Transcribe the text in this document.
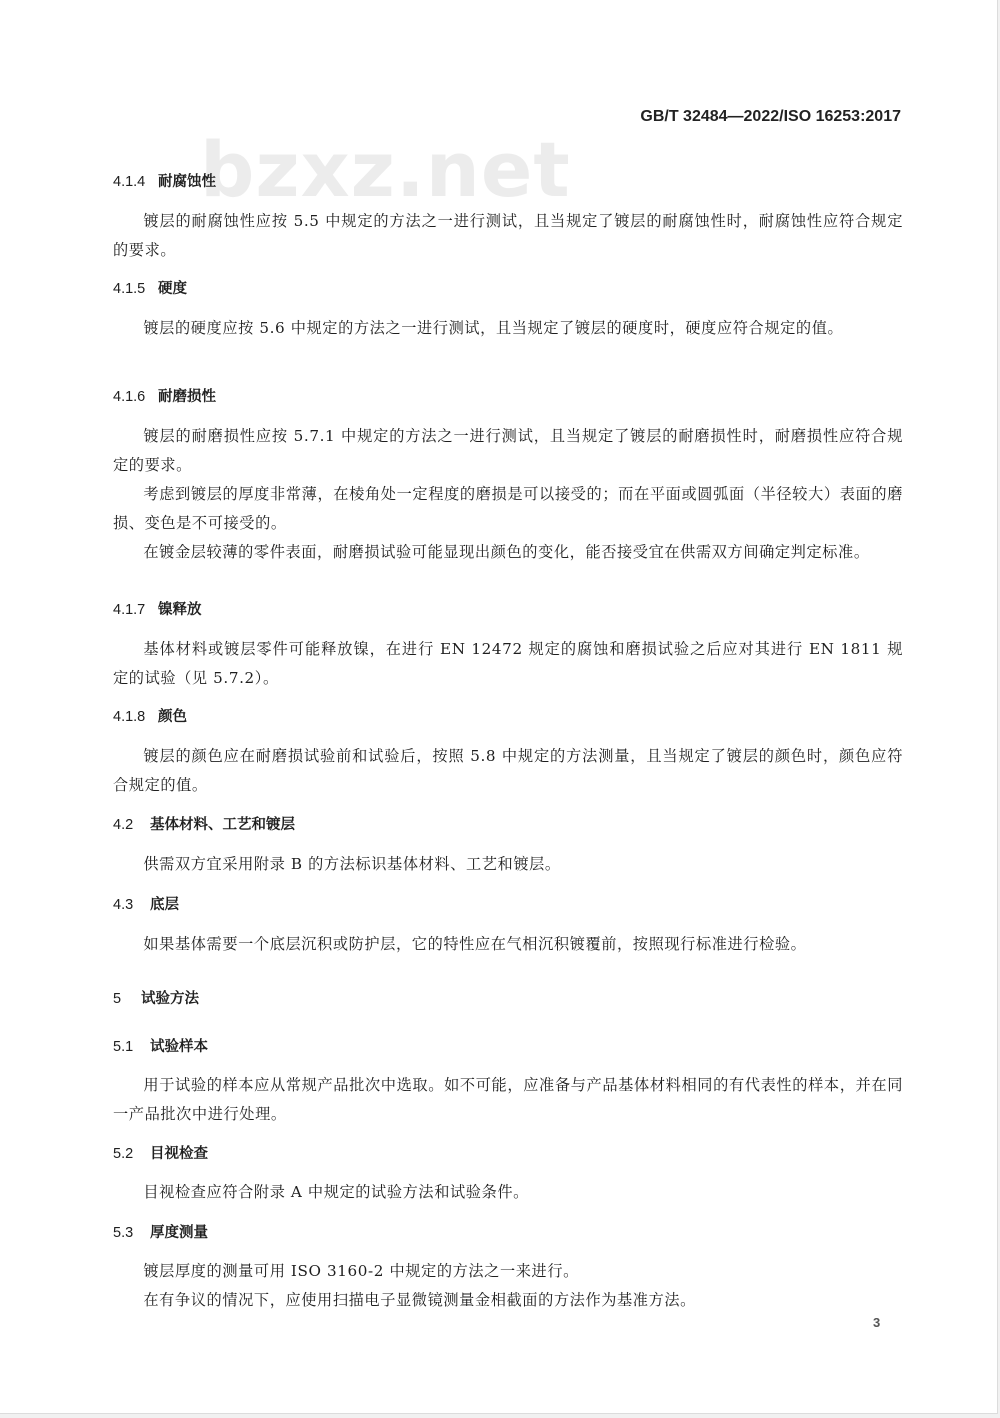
bzxz.net
GB/T 32484—2022/ISO 16253:2017
4.1.4 耐腐蚀性
镀层的耐腐蚀性应按 5.5 中规定的方法之一进行测试，且当规定了镀层的耐腐蚀性时，耐腐蚀性应符合规定的要求。
4.1.5 硬度
镀层的硬度应按 5.6 中规定的方法之一进行测试，且当规定了镀层的硬度时，硬度应符合规定的值。
4.1.6 耐磨损性
镀层的耐磨损性应按 5.7.1 中规定的方法之一进行测试，且当规定了镀层的耐磨损性时，耐磨损性应符合规定的要求。
考虑到镀层的厚度非常薄，在棱角处一定程度的磨损是可以接受的；而在平面或圆弧面（半径较大）表面的磨损、变色是不可接受的。
在镀金层较薄的零件表面，耐磨损试验可能显现出颜色的变化，能否接受宜在供需双方间确定判定标准。
4.1.7 镍释放
基体材料或镀层零件可能释放镍，在进行 EN 12472 规定的腐蚀和磨损试验之后应对其进行 EN 1811 规定的试验（见 5.7.2）。
4.1.8 颜色
镀层的颜色应在耐磨损试验前和试验后，按照 5.8 中规定的方法测量，且当规定了镀层的颜色时，颜色应符合规定的值。
4.2 基体材料、工艺和镀层
供需双方宜采用附录 B 的方法标识基体材料、工艺和镀层。
4.3 底层
如果基体需要一个底层沉积或防护层，它的特性应在气相沉积镀覆前，按照现行标准进行检验。
5 试验方法
5.1 试验样本
用于试验的样本应从常规产品批次中选取。如不可能，应准备与产品基体材料相同的有代表性的样本，并在同一产品批次中进行处理。
5.2 目视检查
目视检查应符合附录 A 中规定的试验方法和试验条件。
5.3 厚度测量
镀层厚度的测量可用 ISO 3160-2 中规定的方法之一来进行。
在有争议的情况下，应使用扫描电子显微镜测量金相截面的方法作为基准方法。
3
